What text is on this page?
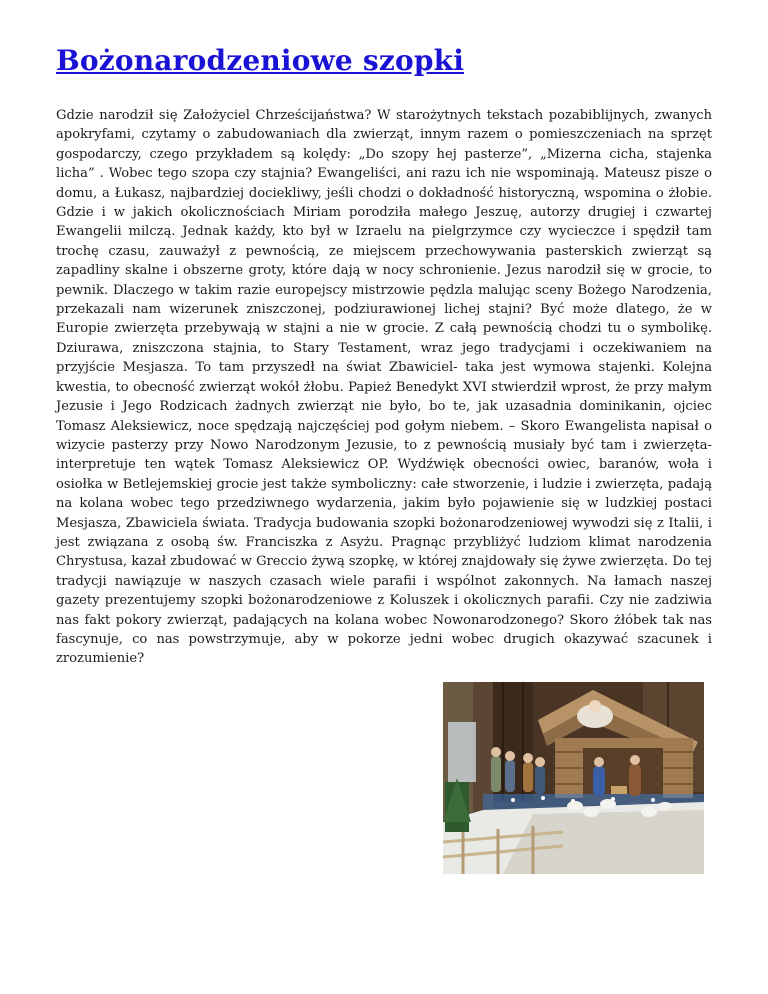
Bożonarodzeniowe szopki

Gdzie narodził się Założyciel Chrześcijaństwa? W starożytnych tekstach pozabiblijnych, zwanych apokryfami, czytamy o zabudowaniach dla zwierząt, innym razem o pomieszczeniach na sprzęt gospodarczy, czego przykładem są kolędy: „Do szopy hej pasterze”, „Mizerna cicha, stajenka licha” . Wobec tego szopa czy stajnia? Ewangeliści, ani razu ich nie wspominają. Mateusz pisze o domu, a Łukasz, najbardziej dociekliwy, jeśli chodzi o dokładność historyczną, wspomina o żłobie. Gdzie i w jakich okolicznościach Miriam porodziła małego Jeszuę, autorzy drugiej i czwartej Ewangelii milczą. Jednak każdy, kto był w Izraelu na pielgrzymce czy wycieczce i spędził tam trochę czasu, zauważył z pewnością, ze miejscem przechowywania pasterskich zwierząt są zapadliny skalne i obszerne groty, które dają w nocy schronienie. Jezus narodził się w grocie, to pewnik. Dlaczego w takim razie europejscy mistrzowie pędzla malując sceny Bożego Narodzenia, przekazali nam wizerunek zniszczonej, podziurawionej lichej stajni? Być może dlatego, że w Europie zwierzęta przebywają w stajni a nie w grocie. Z całą pewnością chodzi tu o symbolikę. Dziurawa, zniszczona stajnia, to Stary Testament, wraz jego tradycjami i oczekiwaniem na przyjście Mesjasza. To tam przyszedł na świat Zbawiciel- taka jest wymowa stajenki. Kolejna kwestia, to obecność zwierząt wokół żłobu. Papież Benedykt XVI stwierdził wprost, że przy małym Jezusie i Jego Rodzicach żadnych zwierząt nie było, bo te, jak uzasadnia dominikanin, ojciec Tomasz Aleksiewicz, noce spędzają najczęściej pod gołym niebem. – Skoro Ewangelista napisał o wizycie pasterzy przy Nowo Narodzonym Jezusie, to z pewnością musiały być tam i zwierzęta- interpretuje ten wątek Tomasz Aleksiewicz OP. Wydźwięk obecności owiec, baranów, woła i osiołka w Betlejemskiej grocie jest także symboliczny: całe stworzenie, i ludzie i zwierzęta, padają na kolana wobec tego przedziwnego wydarzenia, jakim było pojawienie się w ludzkiej postaci Mesjasza, Zbawiciela świata. Tradycja budowania szopki bożonarodzeniowej wywodzi się z Italii, i jest związana z osobą św. Franciszka z Asyżu. Pragnąc przybliżyć ludziom klimat narodzenia Chrystusa, kazał zbudować w Greccio żywą szopkę, w której znajdowały się żywe zwierzęta. Do tej tradycji nawiązuje w naszych czasach wiele parafii i wspólnot zakonnych. Na łamach naszej gazety prezentujemy szopki bożonarodzeniowe z Koluszek i okolicznych parafii. Czy nie zadziwia nas fakt pokory zwierząt, padających na kolana wobec Nowonarodzonego? Skoro żłóbek tak nas fascynuje, co nas powstrzymuje, aby w pokorze jedni wobec drugich okazywać szacunek i zrozumienie?
